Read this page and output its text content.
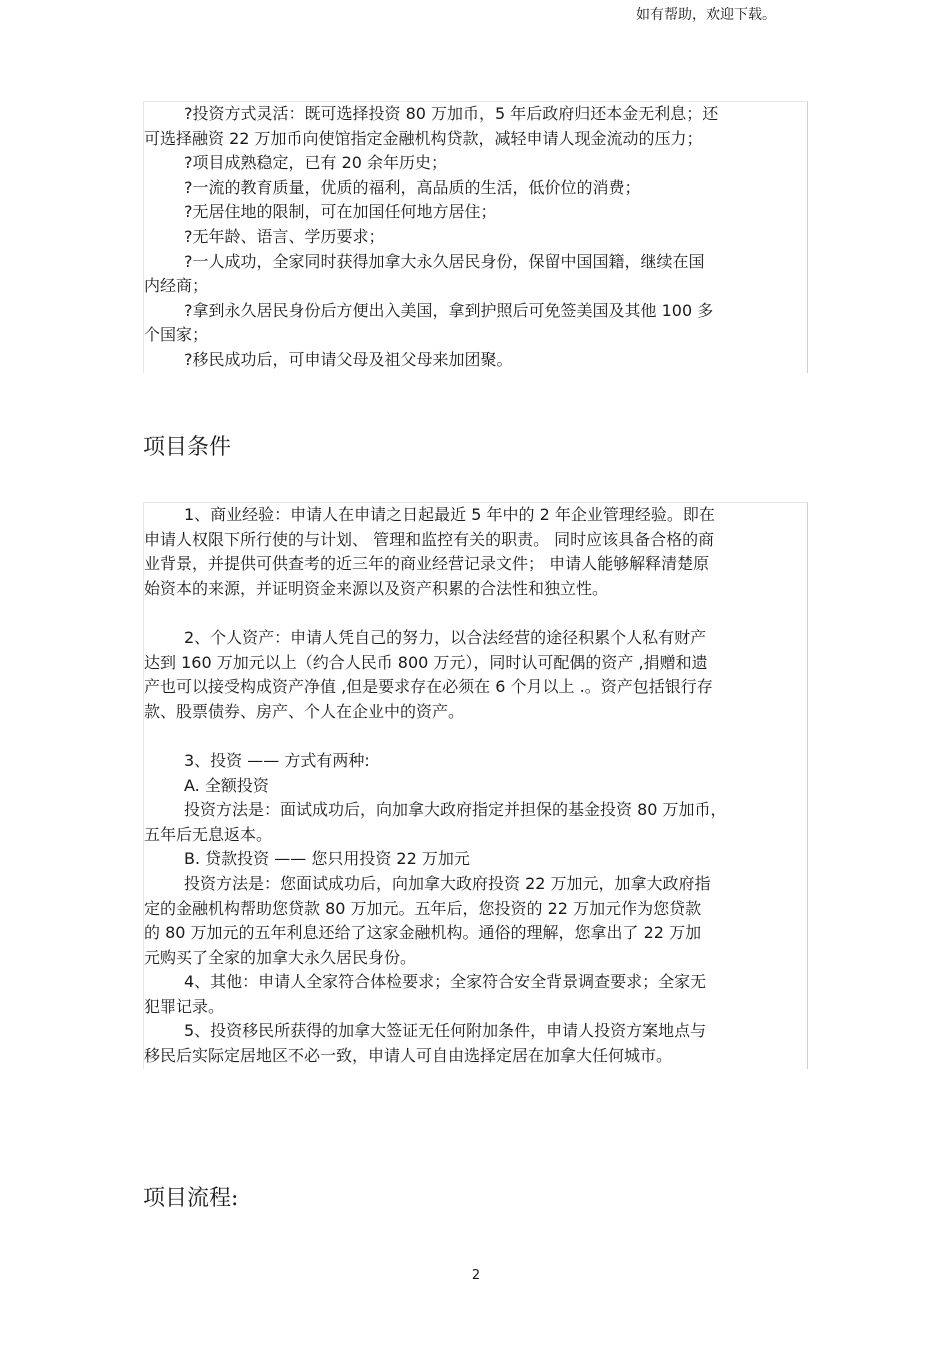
如有帮助，欢迎下载。
?投资方式灵活：既可选择投资 80 万加币，5 年后政府归还本金无利息；还
可选择融资 22 万加币向使馆指定金融机构贷款，减轻申请人现金流动的压力；
?项目成熟稳定，已有 20 余年历史；
?一流的教育质量，优质的福利，高品质的生活，低价位的消费；
?无居住地的限制，可在加国任何地方居住；
?无年龄、语言、学历要求；
?一人成功，全家同时获得加拿大永久居民身份，保留中国国籍，继续在国
内经商；
?拿到永久居民身份后方便出入美国，拿到护照后可免签美国及其他 100 多
个国家；
?移民成功后，可申请父母及祖父母来加团聚。
项目条件
1、商业经验：申请人在申请之日起最近 5 年中的 2 年企业管理经验。即在
申请人权限下所行使的与计划、 管理和监控有关的职责。 同时应该具备合格的商
业背景，并提供可供查考的近三年的商业经营记录文件； 申请人能够解释清楚原
始资本的来源，并证明资金来源以及资产积累的合法性和独立性。
2、个人资产：申请人凭自己的努力，以合法经营的途径积累个人私有财产
达到 160 万加元以上（约合人民币 800 万元），同时认可配偶的资产 ,捐赠和遗
产也可以接受构成资产净值 ,但是要求存在必须在 6 个月以上 .。资产包括银行存
款、股票债券、房产、个人在企业中的资产。
3、投资 —— 方式有两种:
A. 全额投资
投资方法是：面试成功后，向加拿大政府指定并担保的基金投资 80 万加币，
五年后无息返本。
B. 贷款投资 —— 您只用投资 22 万加元
投资方法是：您面试成功后，向加拿大政府投资 22 万加元，加拿大政府指
定的金融机构帮助您贷款 80 万加元。五年后，您投资的 22 万加元作为您贷款
的 80 万加元的五年利息还给了这家金融机构。通俗的理解，您拿出了 22 万加
元购买了全家的加拿大永久居民身份。
4、其他：申请人全家符合体检要求；全家符合安全背景调查要求；全家无
犯罪记录。
5、投资移民所获得的加拿大签证无任何附加条件，申请人投资方案地点与
移民后实际定居地区不必一致，申请人可自由选择定居在加拿大任何城市。
项目流程:
2
